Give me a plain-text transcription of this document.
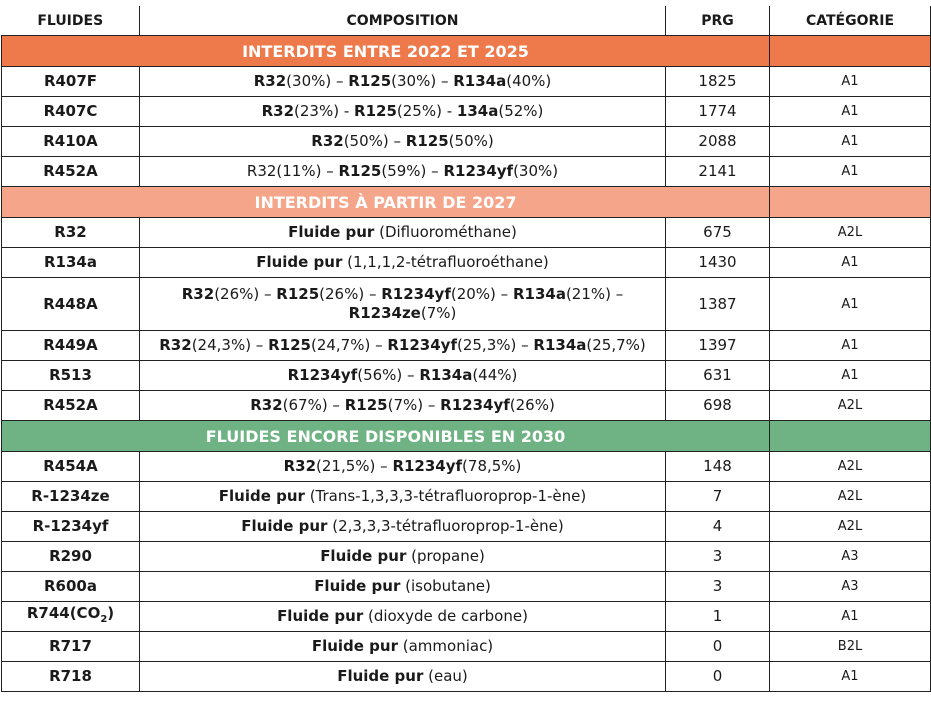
FLUIDES	COMPOSITION	PRG	CATÉGORIE
INTERDITS ENTRE 2022 ET 2025			
R407F	R32(30%) – R125(30%) – R134a(40%)	1825	A1
R407C	R32(23%) - R125(25%) - 134a(52%)	1774	A1
R410A	R32(50%) – R125(50%)	2088	A1
R452A	R32(11%) – R125(59%) – R1234yf(30%)	2141	A1
INTERDITS À PARTIR DE 2027			
R32	Fluide pur (Difluorométhane)	675	A2L
R134a	Fluide pur (1,1,1,2-tétrafluoroéthane)	1430	A1
R448A	R32(26%) – R125(26%) – R1234yf(20%) – R134a(21%) –
R1234ze(7%)	1387	A1
R449A	R32(24,3%) – R125(24,7%) – R1234yf(25,3%) – R134a(25,7%)	1397	A1
R513	R1234yf(56%) – R134a(44%)	631	A1
R452A	R32(67%) – R125(7%) – R1234yf(26%)	698	A2L
FLUIDES ENCORE DISPONIBLES EN 2030			
R454A	R32(21,5%) – R1234yf(78,5%)	148	A2L
R-1234ze	Fluide pur (Trans-1,3,3,3-tétrafluoroprop-1-ène)	7	A2L
R-1234yf	Fluide pur (2,3,3,3-tétrafluoroprop-1-ène)	4	A2L
R290	Fluide pur (propane)	3	A3
R600a	Fluide pur (isobutane)	3	A3
$R744(CO_2)$	Fluide pur (dioxyde de carbone)	1	A1
R717	Fluide pur (ammoniac)	0	B2L
R718	Fluide pur (eau)	0	A1
